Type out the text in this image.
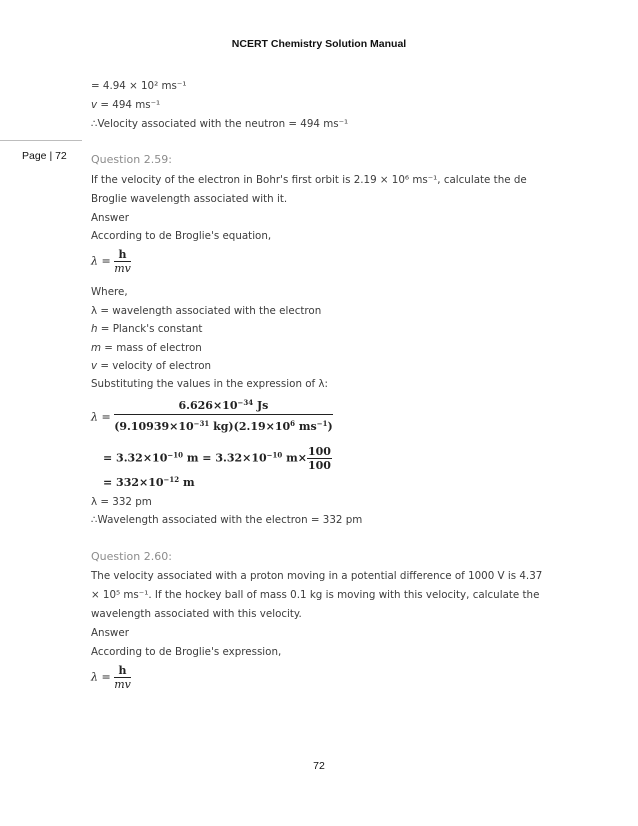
NCERT Chemistry Solution Manual
Page | 72
= 4.94 × 10² ms⁻¹
v = 494 ms⁻¹
∴Velocity associated with the neutron = 494 ms⁻¹
Question 2.59:
If the velocity of the electron in Bohr's first orbit is 2.19 × 10⁶ ms⁻¹, calculate the de
Broglie wavelength associated with it.
Answer
According to de Broglie's equation,
$\lambda = \frac{h}{mv}$
Where,
λ = wavelength associated with the electron
h = Planck's constant
m = mass of electron
v = velocity of electron
Substituting the values in the expression of λ:
$\lambda = \frac{6.626\times 10^{-34} Js}{(9.10939\times 10^{-31} kg)(2.19\times 10^6 ms^{-1})}$
= $3.32\times 10^{-10}$ $m = 3.32\times 10^{-10}$ $m\times \frac{100}{100}$
= $332\times 10^{-12}$ m
λ = 332 pm
∴Wavelength associated with the electron = 332 pm
Question 2.60:
The velocity associated with a proton moving in a potential difference of 1000 V is 4.37
× 10⁵ ms⁻¹. If the hockey ball of mass 0.1 kg is moving with this velocity, calculate the
wavelength associated with this velocity.
Answer
According to de Broglie's expression,
$\lambda = \frac{h}{mv}$
72
